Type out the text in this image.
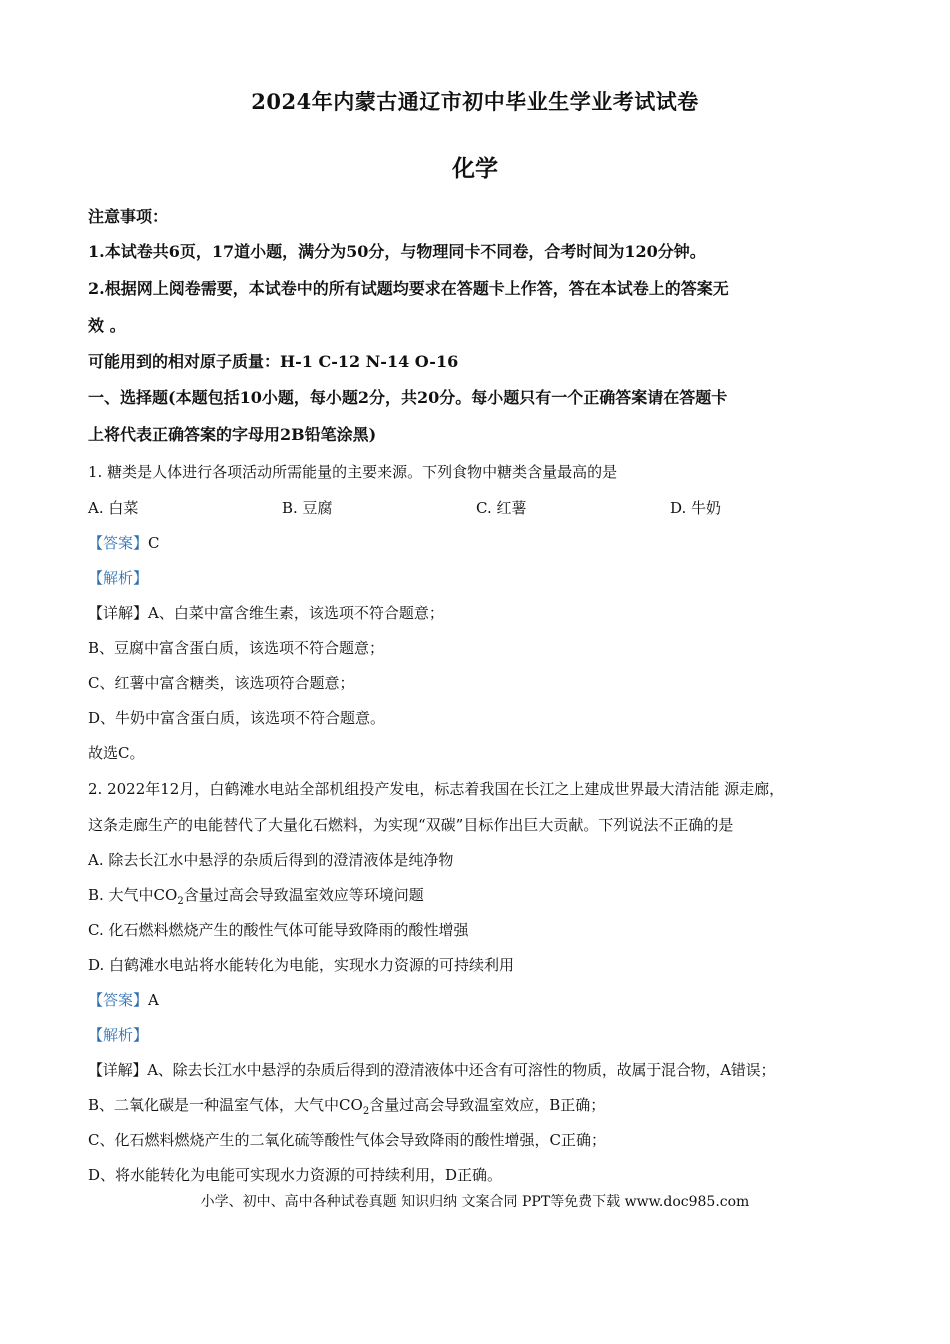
2024年内蒙古通辽市初中毕业生学业考试试卷
化学
注意事项：
1.本试卷共6页，17道小题，满分为50分，与物理同卡不同卷，合考时间为120分钟。
2.根据网上阅卷需要，本试卷中的所有试题均要求在答题卡上作答，答在本试卷上的答案无
效 。
可能用到的相对原子质量：H-1 C-12 N-14 O-16
一、选择题(本题包括10小题，每小题2分，共20分。每小题只有一个正确答案请在答题卡
上将代表正确答案的字母用2B铅笔涂黑)
1. 糖类是人体进行各项活动所需能量的主要来源。下列食物中糖类含量最高的是
A. 白菜	B. 豆腐	C. 红薯	D. 牛奶
【答案】C
【解析】
【详解】A、白菜中富含维生素，该选项不符合题意；
B、豆腐中富含蛋白质，该选项不符合题意；
C、红薯中富含糖类，该选项符合题意；
D、牛奶中富含蛋白质，该选项不符合题意。
故选C。
2. 2022年12月，白鹤滩水电站全部机组投产发电，标志着我国在长江之上建成世界最大清洁能 源走廊，
这条走廊生产的电能替代了大量化石燃料，为实现“双碳”目标作出巨大贡献。下列说法不正确的是
A. 除去长江水中悬浮的杂质后得到的澄清液体是纯净物
B. 大气中$CO_2$含量过高会导致温室效应等环境问题
C. 化石燃料燃烧产生的酸性气体可能导致降雨的酸性增强
D. 白鹤滩水电站将水能转化为电能，实现水力资源的可持续利用
【答案】A
【解析】
【详解】A、除去长江水中悬浮的杂质后得到的澄清液体中还含有可溶性的物质，故属于混合物，A错误；
B、二氧化碳是一种温室气体，大气中$CO_2$含量过高会导致温室效应，B正确；
C、化石燃料燃烧产生的二氧化硫等酸性气体会导致降雨的酸性增强，C正确；
D、将水能转化为电能可实现水力资源的可持续利用，D正确。
小学、初中、高中各种试卷真题 知识归纳 文案合同 PPT等免费下载 www.doc985.com
